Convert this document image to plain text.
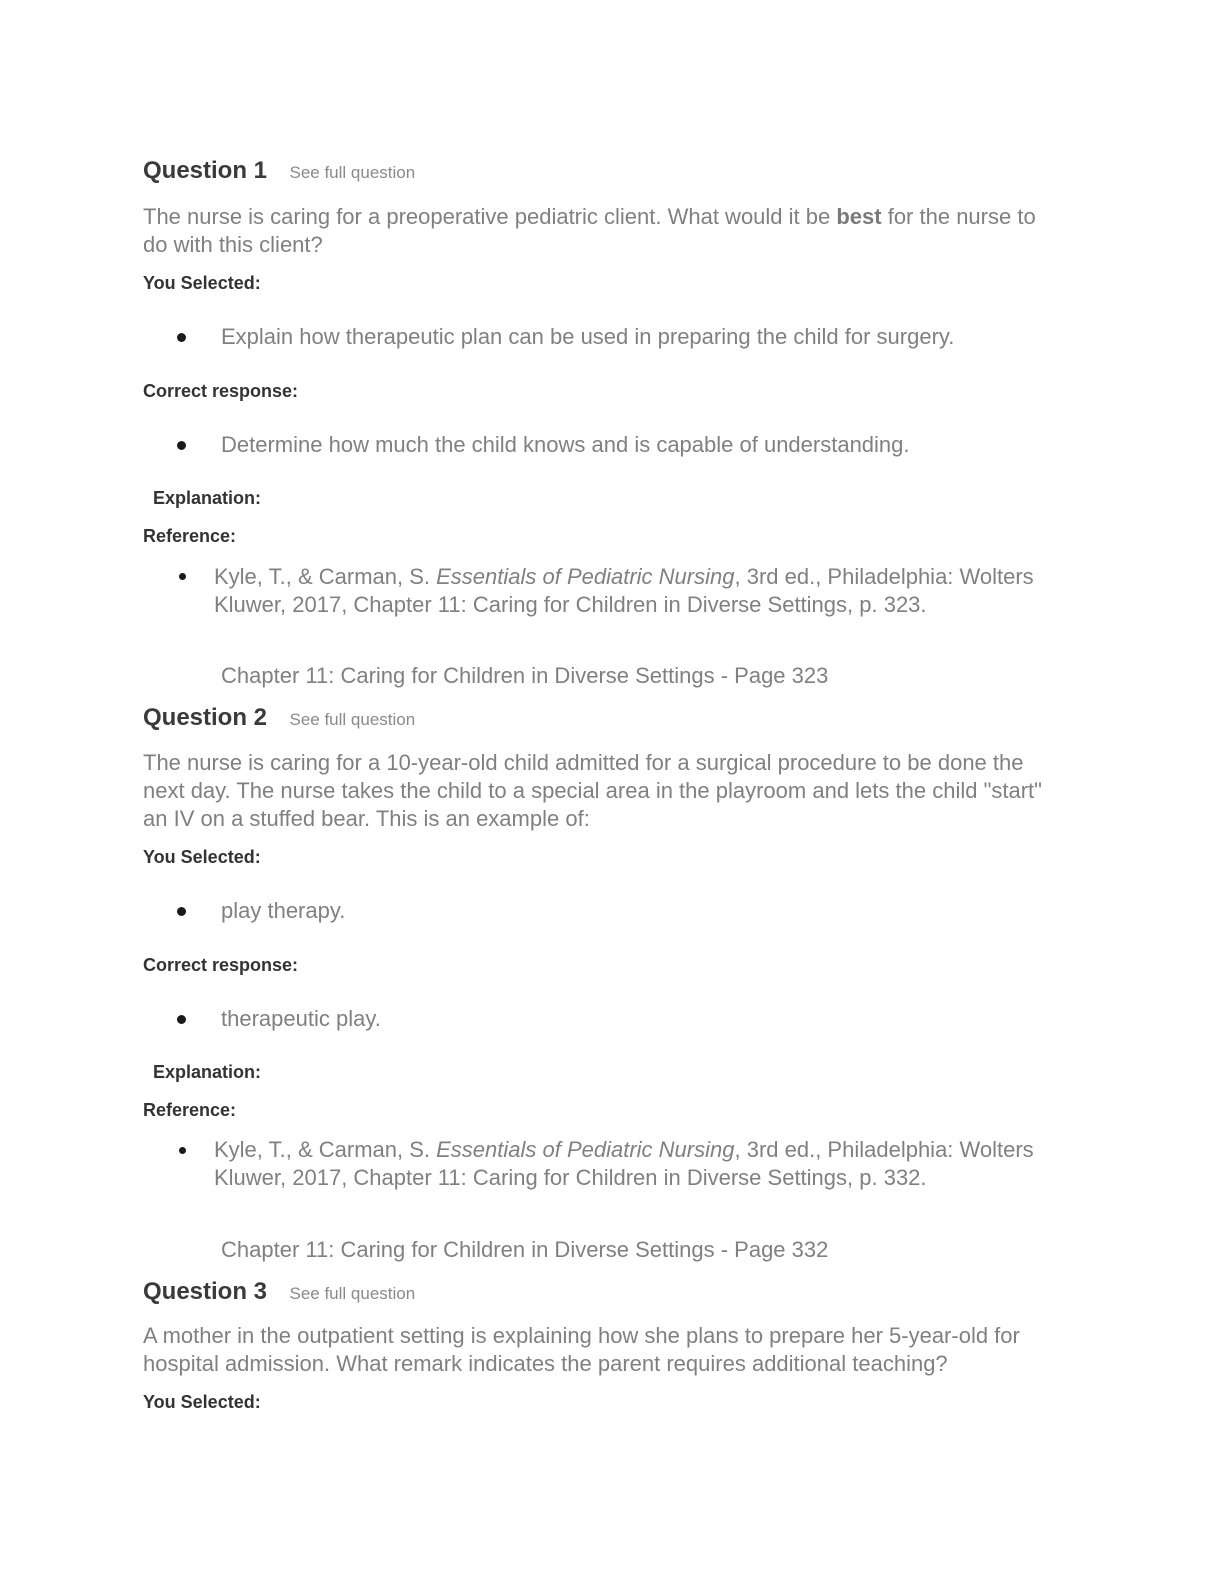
Question 1 See full question
The nurse is caring for a preoperative pediatric client. What would it be best for the nurse to do with this client?
You Selected:
Explain how therapeutic plan can be used in preparing the child for surgery.
Correct response:
Determine how much the child knows and is capable of understanding.
Explanation:
Reference:
Kyle, T., & Carman, S. Essentials of Pediatric Nursing, 3rd ed., Philadelphia: Wolters Kluwer, 2017, Chapter 11: Caring for Children in Diverse Settings, p. 323.
Chapter 11: Caring for Children in Diverse Settings - Page 323
Question 2 See full question
The nurse is caring for a 10-year-old child admitted for a surgical procedure to be done the next day. The nurse takes the child to a special area in the playroom and lets the child "start" an IV on a stuffed bear. This is an example of:
You Selected:
play therapy.
Correct response:
therapeutic play.
Explanation:
Reference:
Kyle, T., & Carman, S. Essentials of Pediatric Nursing, 3rd ed., Philadelphia: Wolters Kluwer, 2017, Chapter 11: Caring for Children in Diverse Settings, p. 332.
Chapter 11: Caring for Children in Diverse Settings - Page 332
Question 3 See full question
A mother in the outpatient setting is explaining how she plans to prepare her 5-year-old for hospital admission. What remark indicates the parent requires additional teaching?
You Selected:
